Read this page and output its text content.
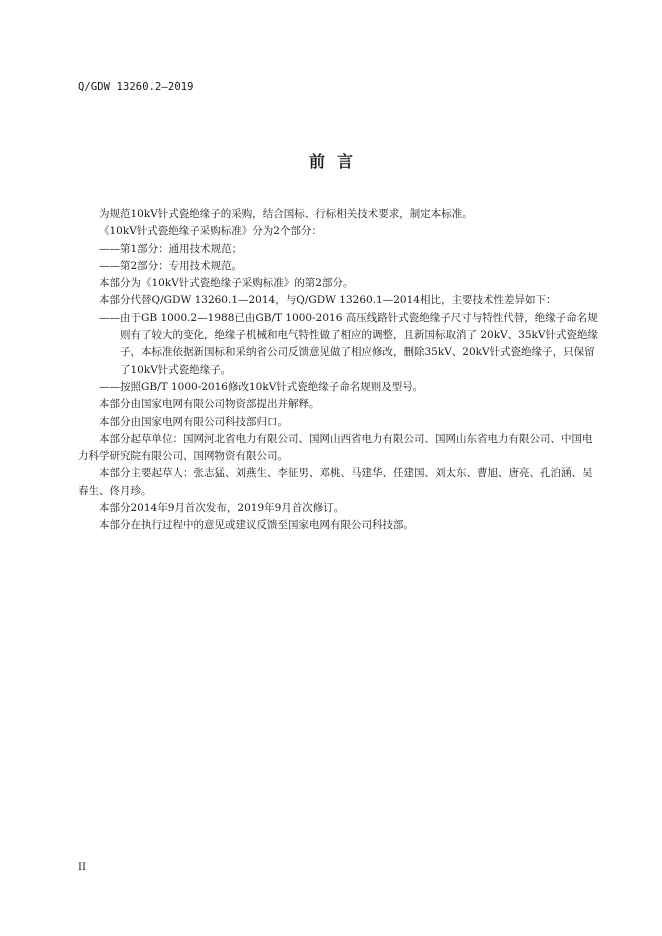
Q/GDW 13260.2—2019
前言

为规范10kV针式瓷绝缘子的采购，结合国标、行标相关技术要求，制定本标准。

《10kV针式瓷绝缘子采购标准》分为2个部分：

——第1部分：通用技术规范；

——第2部分：专用技术规范。

本部分为《10kV针式瓷绝缘子采购标准》的第2部分。

本部分代替Q/GDW 13260.1—2014，与Q/GDW 13260.1—2014相比，主要技术性差异如下：

——由于GB 1000.2—1988已由GB/T 1000-2016 高压线路针式瓷绝缘子尺寸与特性代替，绝缘子命名规则有了较大的变化，绝缘子机械和电气特性做了相应的调整，且新国标取消了 20kV、35kV针式瓷绝缘子，本标准依据新国标和采纳省公司反馈意见做了相应修改，删除35kV、20kV针式瓷绝缘子，只保留了10kV针式瓷绝缘子。

——按照GB/T 1000-2016修改10kV针式瓷绝缘子命名规则及型号。

本部分由国家电网有限公司物资部提出并解释。

本部分由国家电网有限公司科技部归口。

本部分起草单位：国网河北省电力有限公司、国网山西省电力有限公司、国网山东省电力有限公司、中国电力科学研究院有限公司、国网物资有限公司。

本部分主要起草人：张志猛、刘燕生、李征男、邓桃、马建华、任建国、刘太东、曹旭、唐亮、孔泊涵、吴春生、佟月珍。

本部分2014年9月首次发布，2019年9月首次修订。

本部分在执行过程中的意见或建议反馈至国家电网有限公司科技部。

II
